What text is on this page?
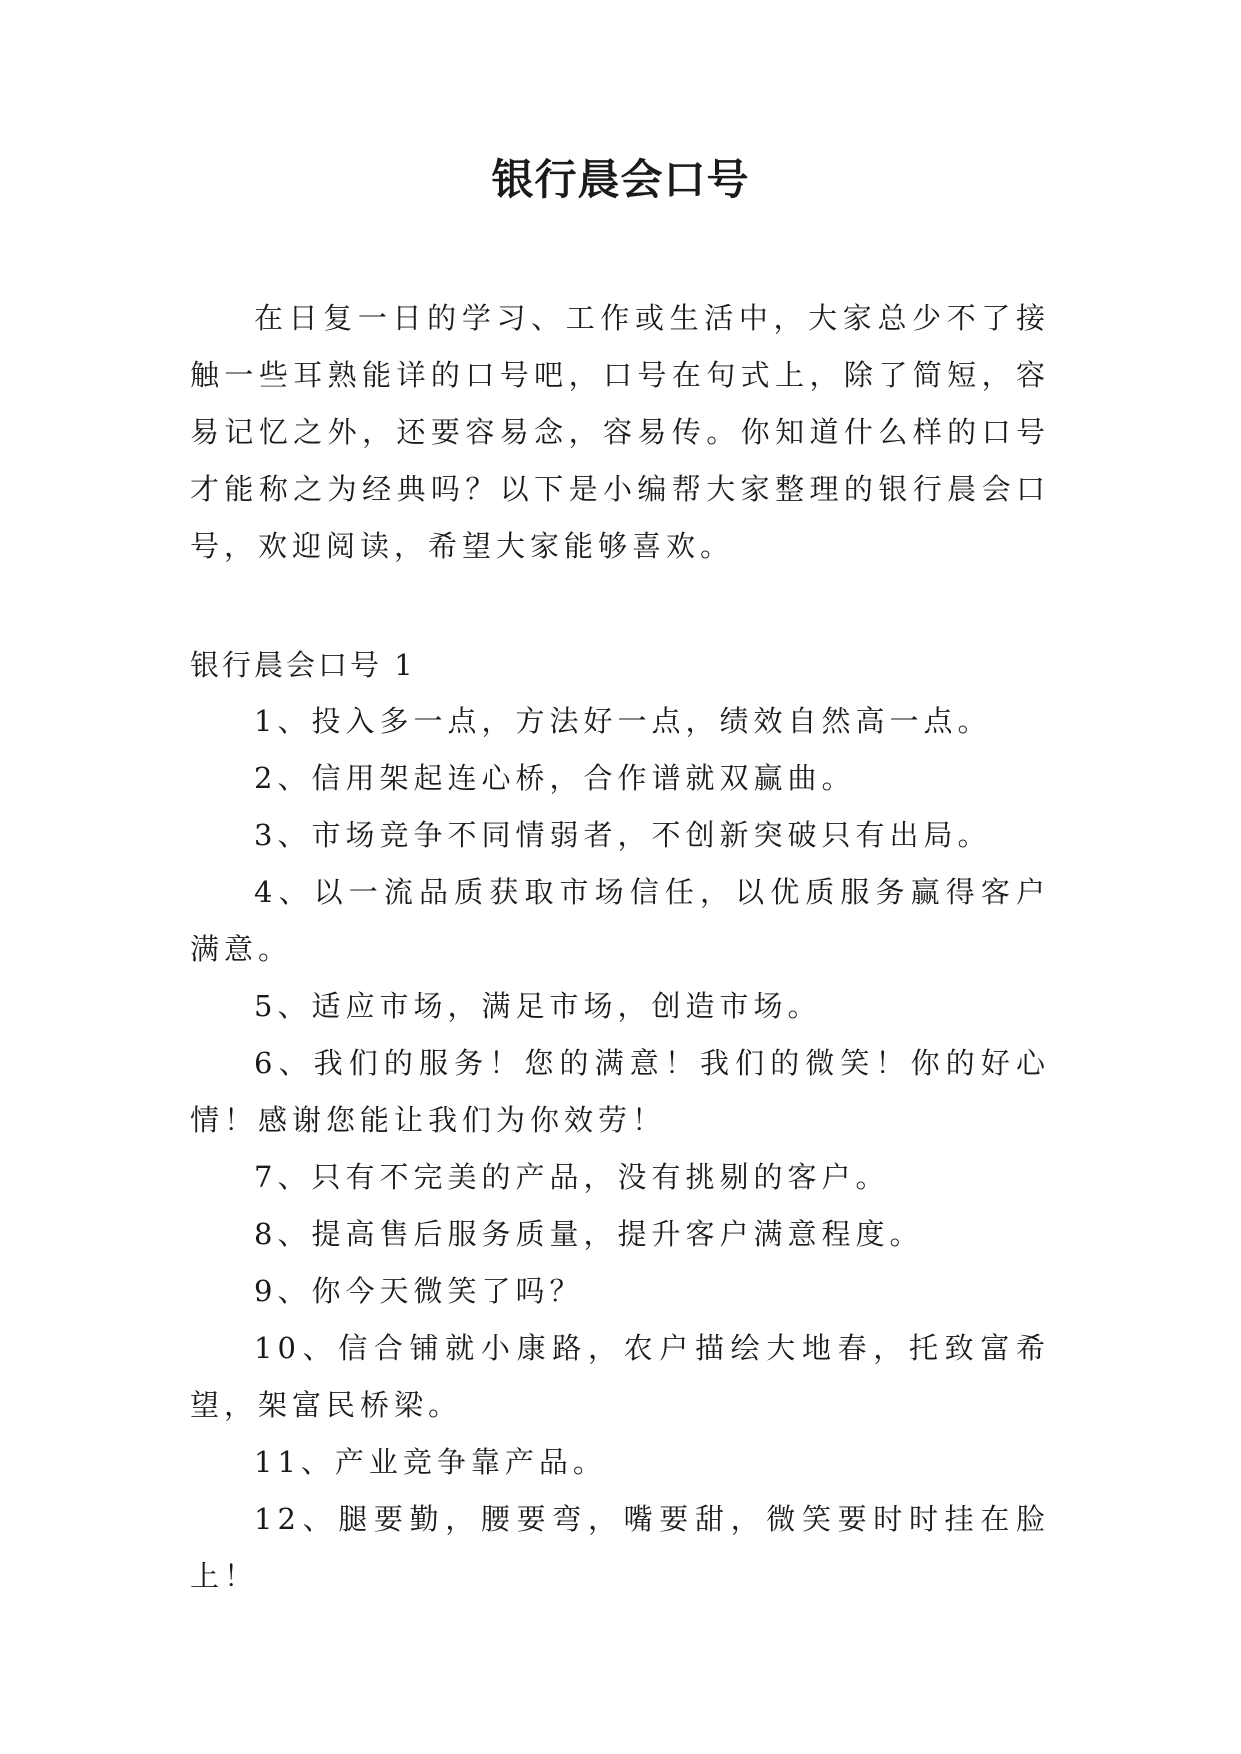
银行晨会口号

在日复一日的学习、工作或生活中，大家总少不了接触一些耳熟能详的口号吧，口号在句式上，除了简短，容易记忆之外，还要容易念，容易传。你知道什么样的口号才能称之为经典吗？以下是小编帮大家整理的银行晨会口号，欢迎阅读，希望大家能够喜欢。

银行晨会口号 1
1、投入多一点，方法好一点，绩效自然高一点。
2、信用架起连心桥，合作谱就双赢曲。
3、市场竞争不同情弱者，不创新突破只有出局。
4、以一流品质获取市场信任，以优质服务赢得客户满意。
5、适应市场，满足市场，创造市场。
6、我们的服务！您的满意！我们的微笑！你的好心情！感谢您能让我们为你效劳！
7、只有不完美的产品，没有挑剔的客户。
8、提高售后服务质量，提升客户满意程度。
9、你今天微笑了吗？
10、信合铺就小康路，农户描绘大地春，托致富希望，架富民桥梁。
11、产业竞争靠产品。
12、腿要勤，腰要弯，嘴要甜，微笑要时时挂在脸上！
